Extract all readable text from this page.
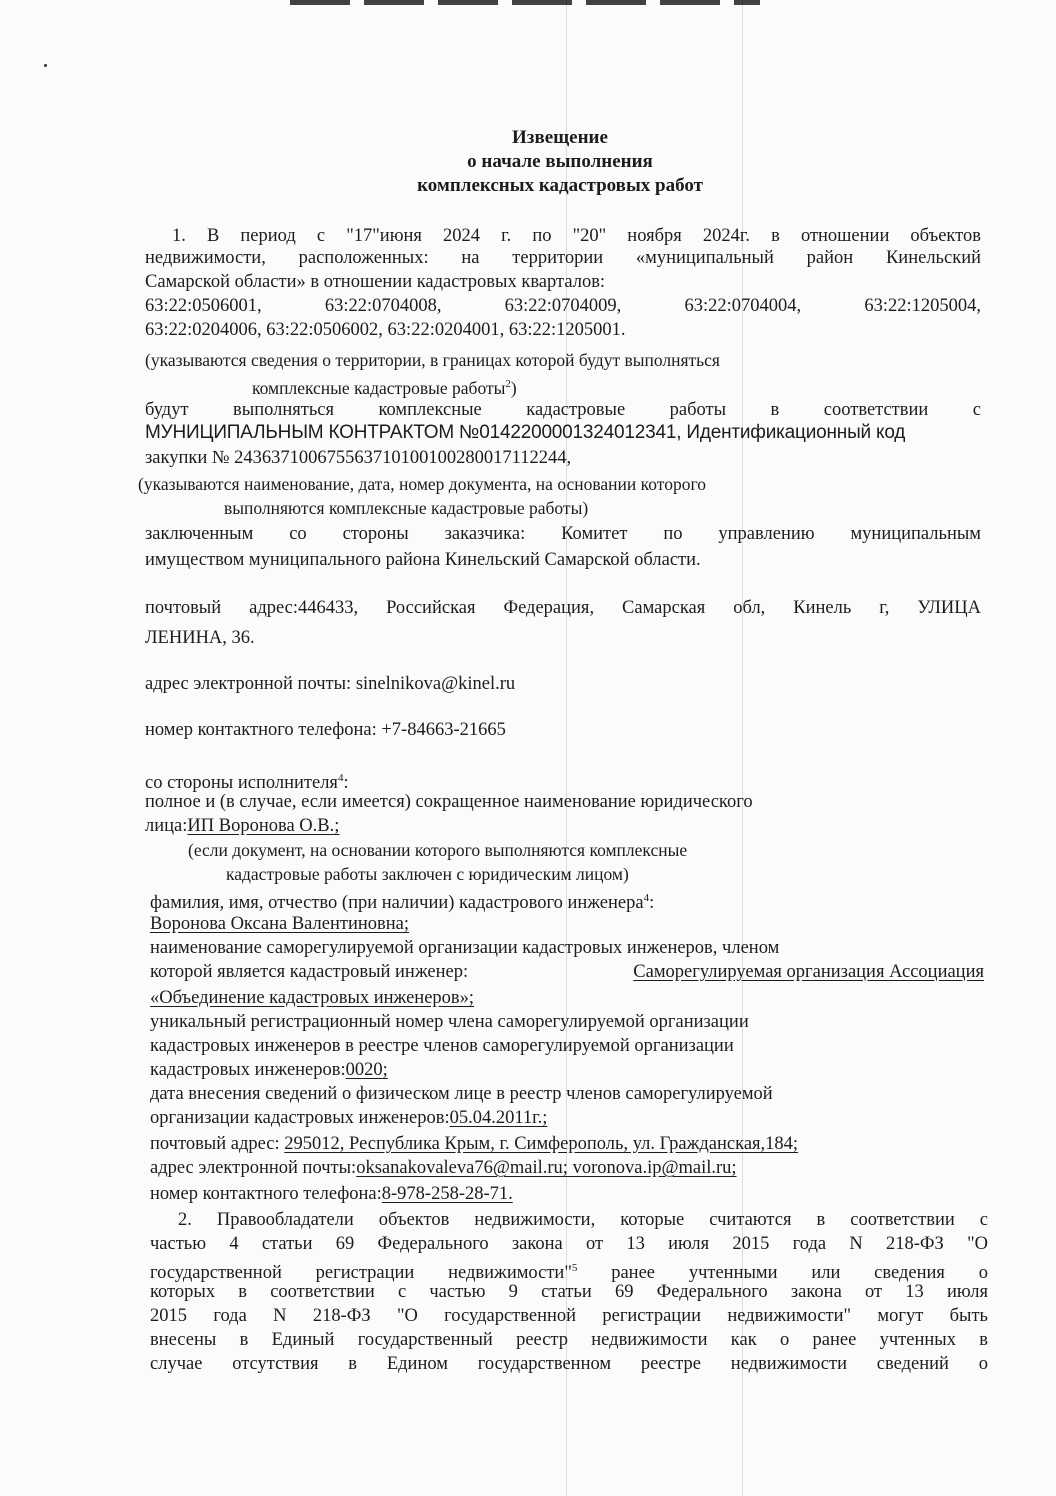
Извещение
о начале выполнения
комплексных кадастровых работ
1. В период с "17"июня 2024 г. по "20" ноября 2024г. в отношении объектов
недвижимости, расположенных: на территории «муниципальный район Кинельский
Самарской области» в отношении кадастровых кварталов:
63:22:0506001,	63:22:0704008,	63:22:0704009,	63:22:0704004,	63:22:1205004,
63:22:0204006, 63:22:0506002, 63:22:0204001, 63:22:1205001.
(указываются сведения о территории, в границах которой будут выполняться
комплексные кадастровые работы$^2$)
будут выполняться комплексные кадастровые работы в соответствии с
МУНИЦИПАЛЬНЫМ КОНТРАКТОМ №0142200001324012341, Идентификационный код
закупки № 243637100675563710100100280017112244,
(указываются наименование, дата, номер документа, на основании которого
выполняются комплексные кадастровые работы)
заключенным со стороны заказчика: Комитет по управлению муниципальным
имуществом муниципального района Кинельский Самарской области.
почтовый адрес:446433, Российская Федерация, Самарская обл, Кинель г, УЛИЦА
ЛЕНИНА, 36.
адрес электронной почты: sinelnikova@kinel.ru
номер контактного телефона: +7-84663-21665
со стороны исполнителя$^4$:
полное и (в случае, если имеется) сокращенное наименование юридического
лица:ИП Воронова О.В.;
(если документ, на основании которого выполняются комплексные
кадастровые работы заключен с юридическим лицом)
фамилия, имя, отчество (при наличии) кадастрового инженера$^4$:
Воронова Оксана Валентиновна;
наименование саморегулируемой организации кадастровых инженеров, членом
которой является кадастровый инженер:	Саморегулируемая организация Ассоциация
«Объединение кадастровых инженеров»;
уникальный регистрационный номер члена саморегулируемой организации
кадастровых инженеров в реестре членов саморегулируемой организации
кадастровых инженеров:0020;
дата внесения сведений о физическом лице в реестр членов саморегулируемой
организации кадастровых инженеров:05.04.2011г.;
почтовый адрес: 295012, Республика Крым, г. Симферополь, ул. Гражданская,184;
адрес электронной почты:oksanakovaleva76@mail.ru; voronova.ip@mail.ru;
номер контактного телефона:8-978-258-28-71.
2. Правообладатели объектов недвижимости, которые считаются в соответствии с
частью 4 статьи 69 Федерального закона от 13 июля 2015 года N 218-ФЗ "О
государственной регистрации недвижимости"$^5$ ранее учтенными или сведения о
которых в соответствии с частью 9 статьи 69 Федерального закона от 13 июля
2015 года N 218-ФЗ "О государственной регистрации недвижимости" могут быть
внесены в Единый государственный реестр недвижимости как о ранее учтенных в
случае отсутствия в Едином государственном реестре недвижимости сведений о
